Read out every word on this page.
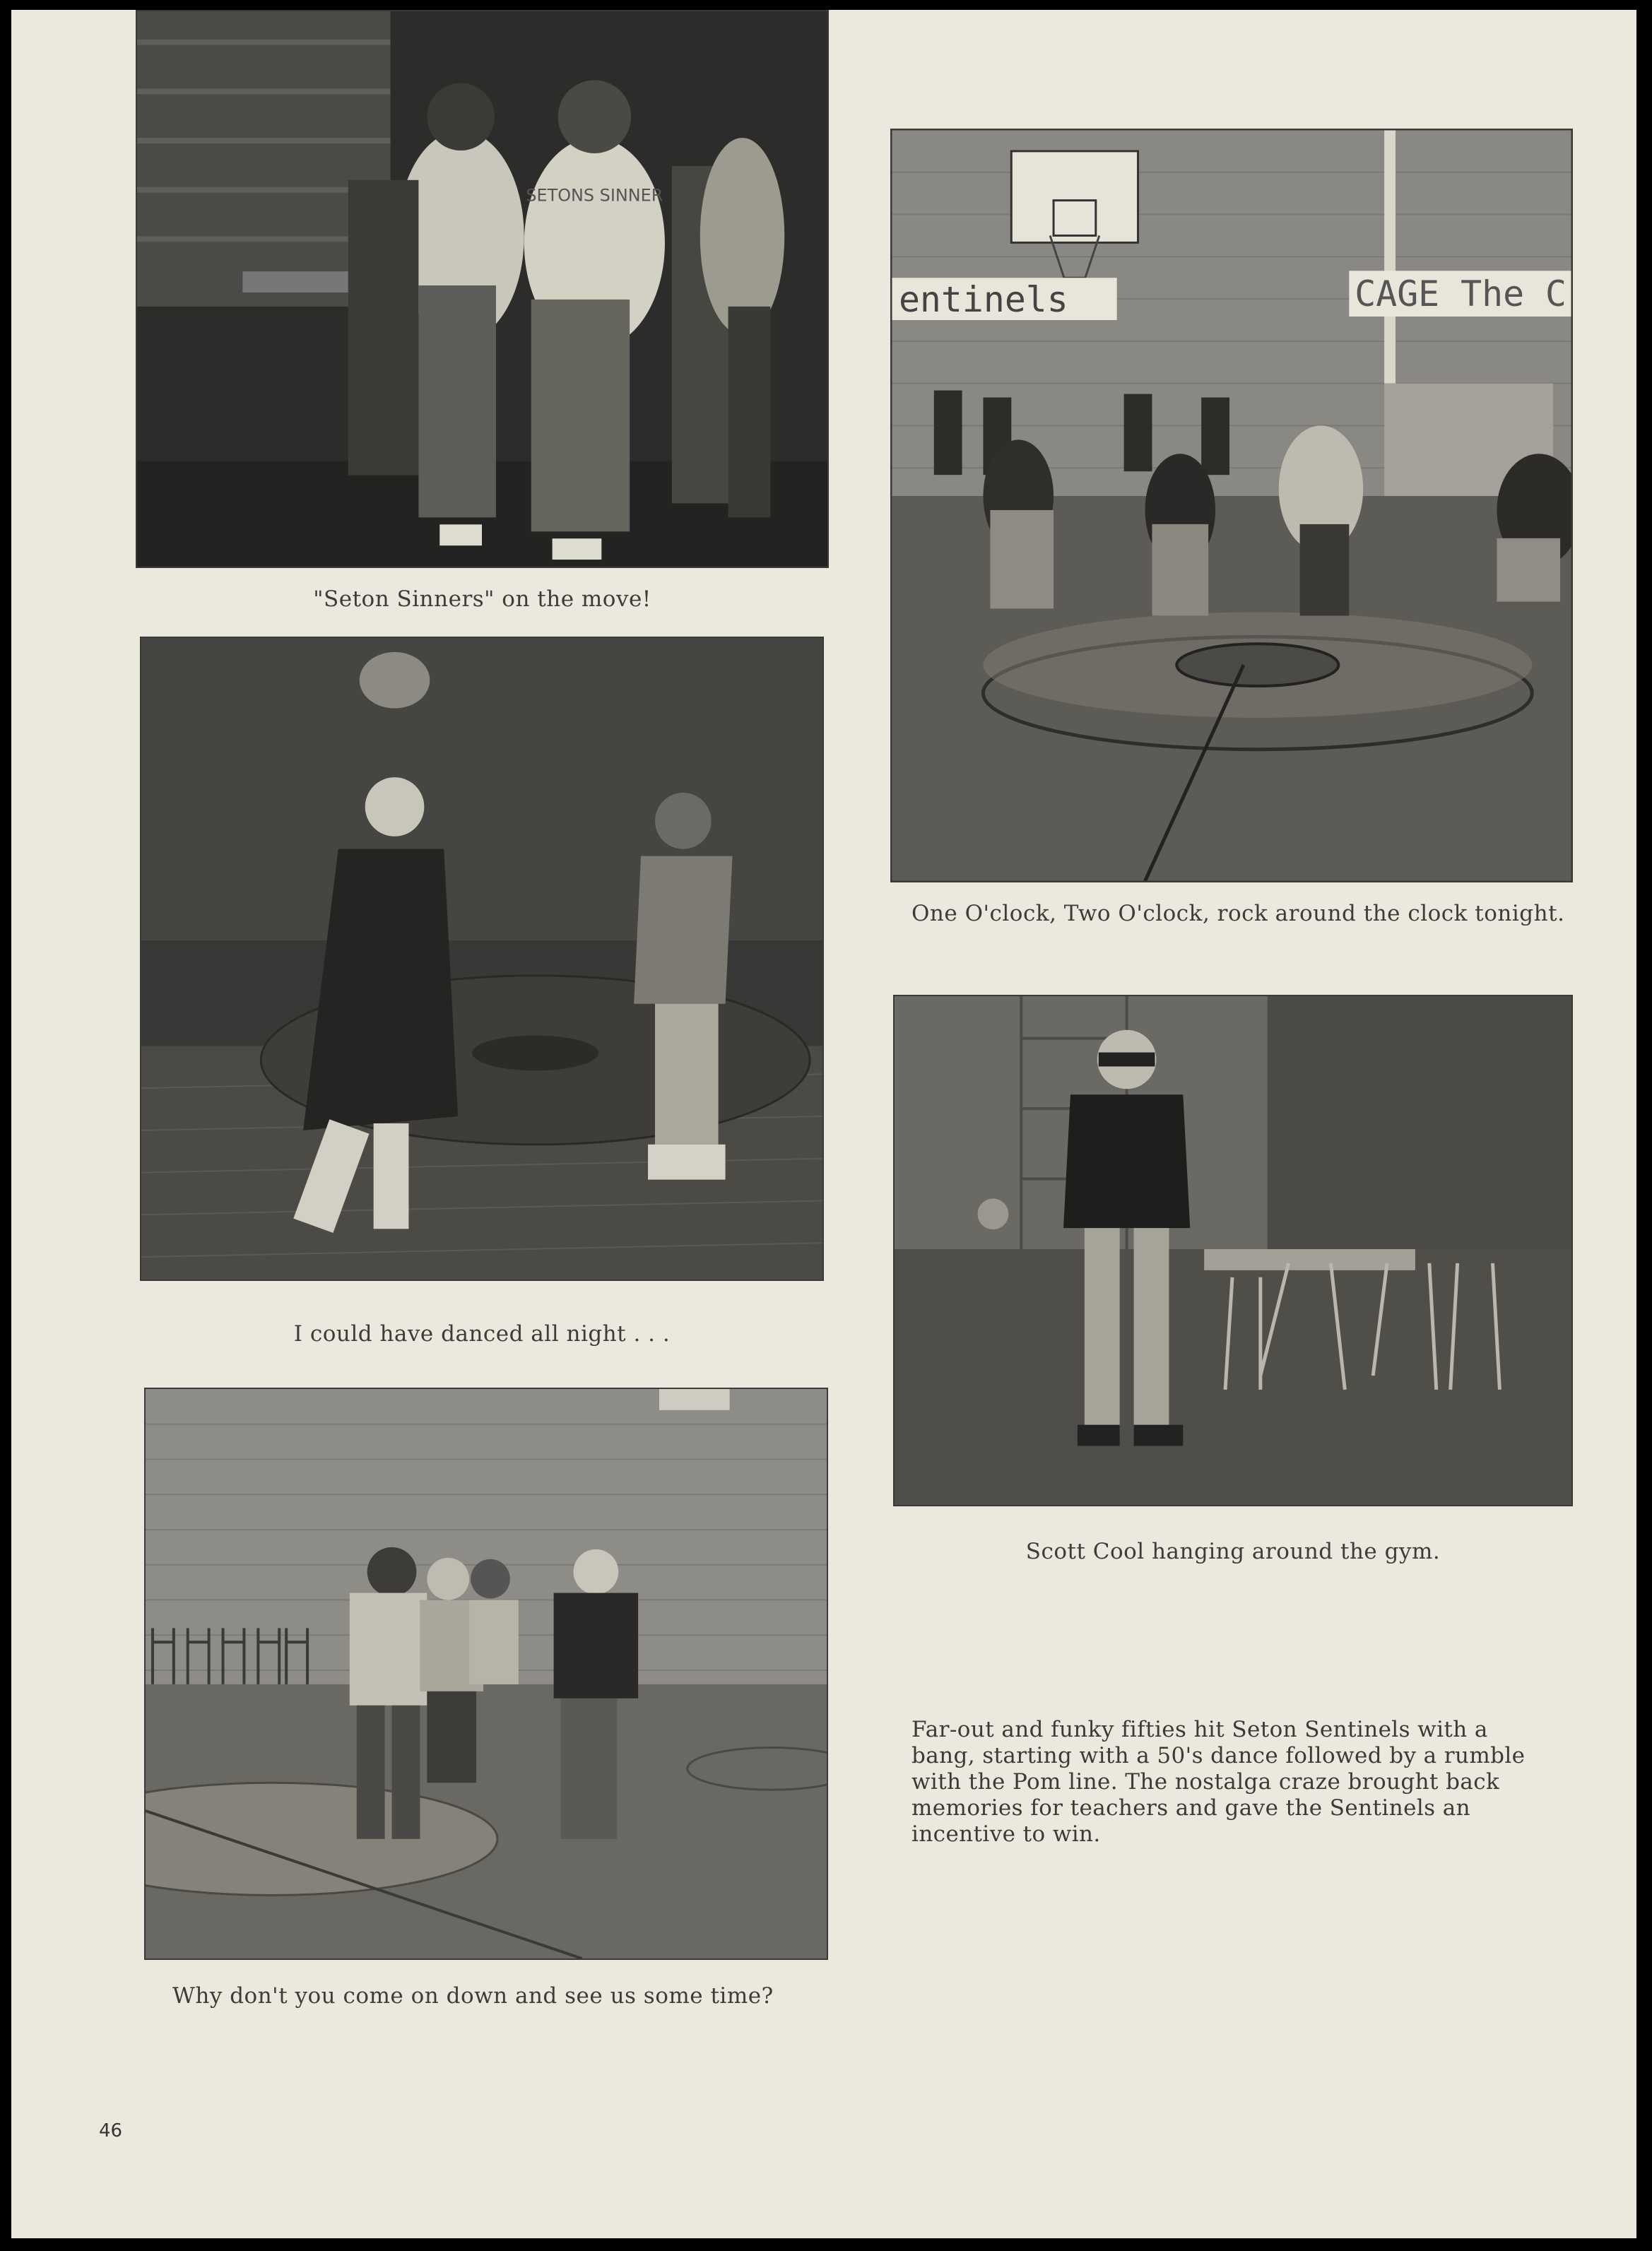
SETONS SINNER
"Seton Sinners" on the move!
entinels	CAGE The C
One O'clock, Two O'clock, rock around the clock tonight.
I could have danced all night . . .
Scott Cool hanging around the gym.
Why don't you come on down and see us some time?
Far-out and funky fifties hit Seton Sentinels with a bang, starting with a 50's dance followed by a rumble with the Pom line. The nostalga craze brought back memories for teachers and gave the Sentinels an incentive to win.
46
